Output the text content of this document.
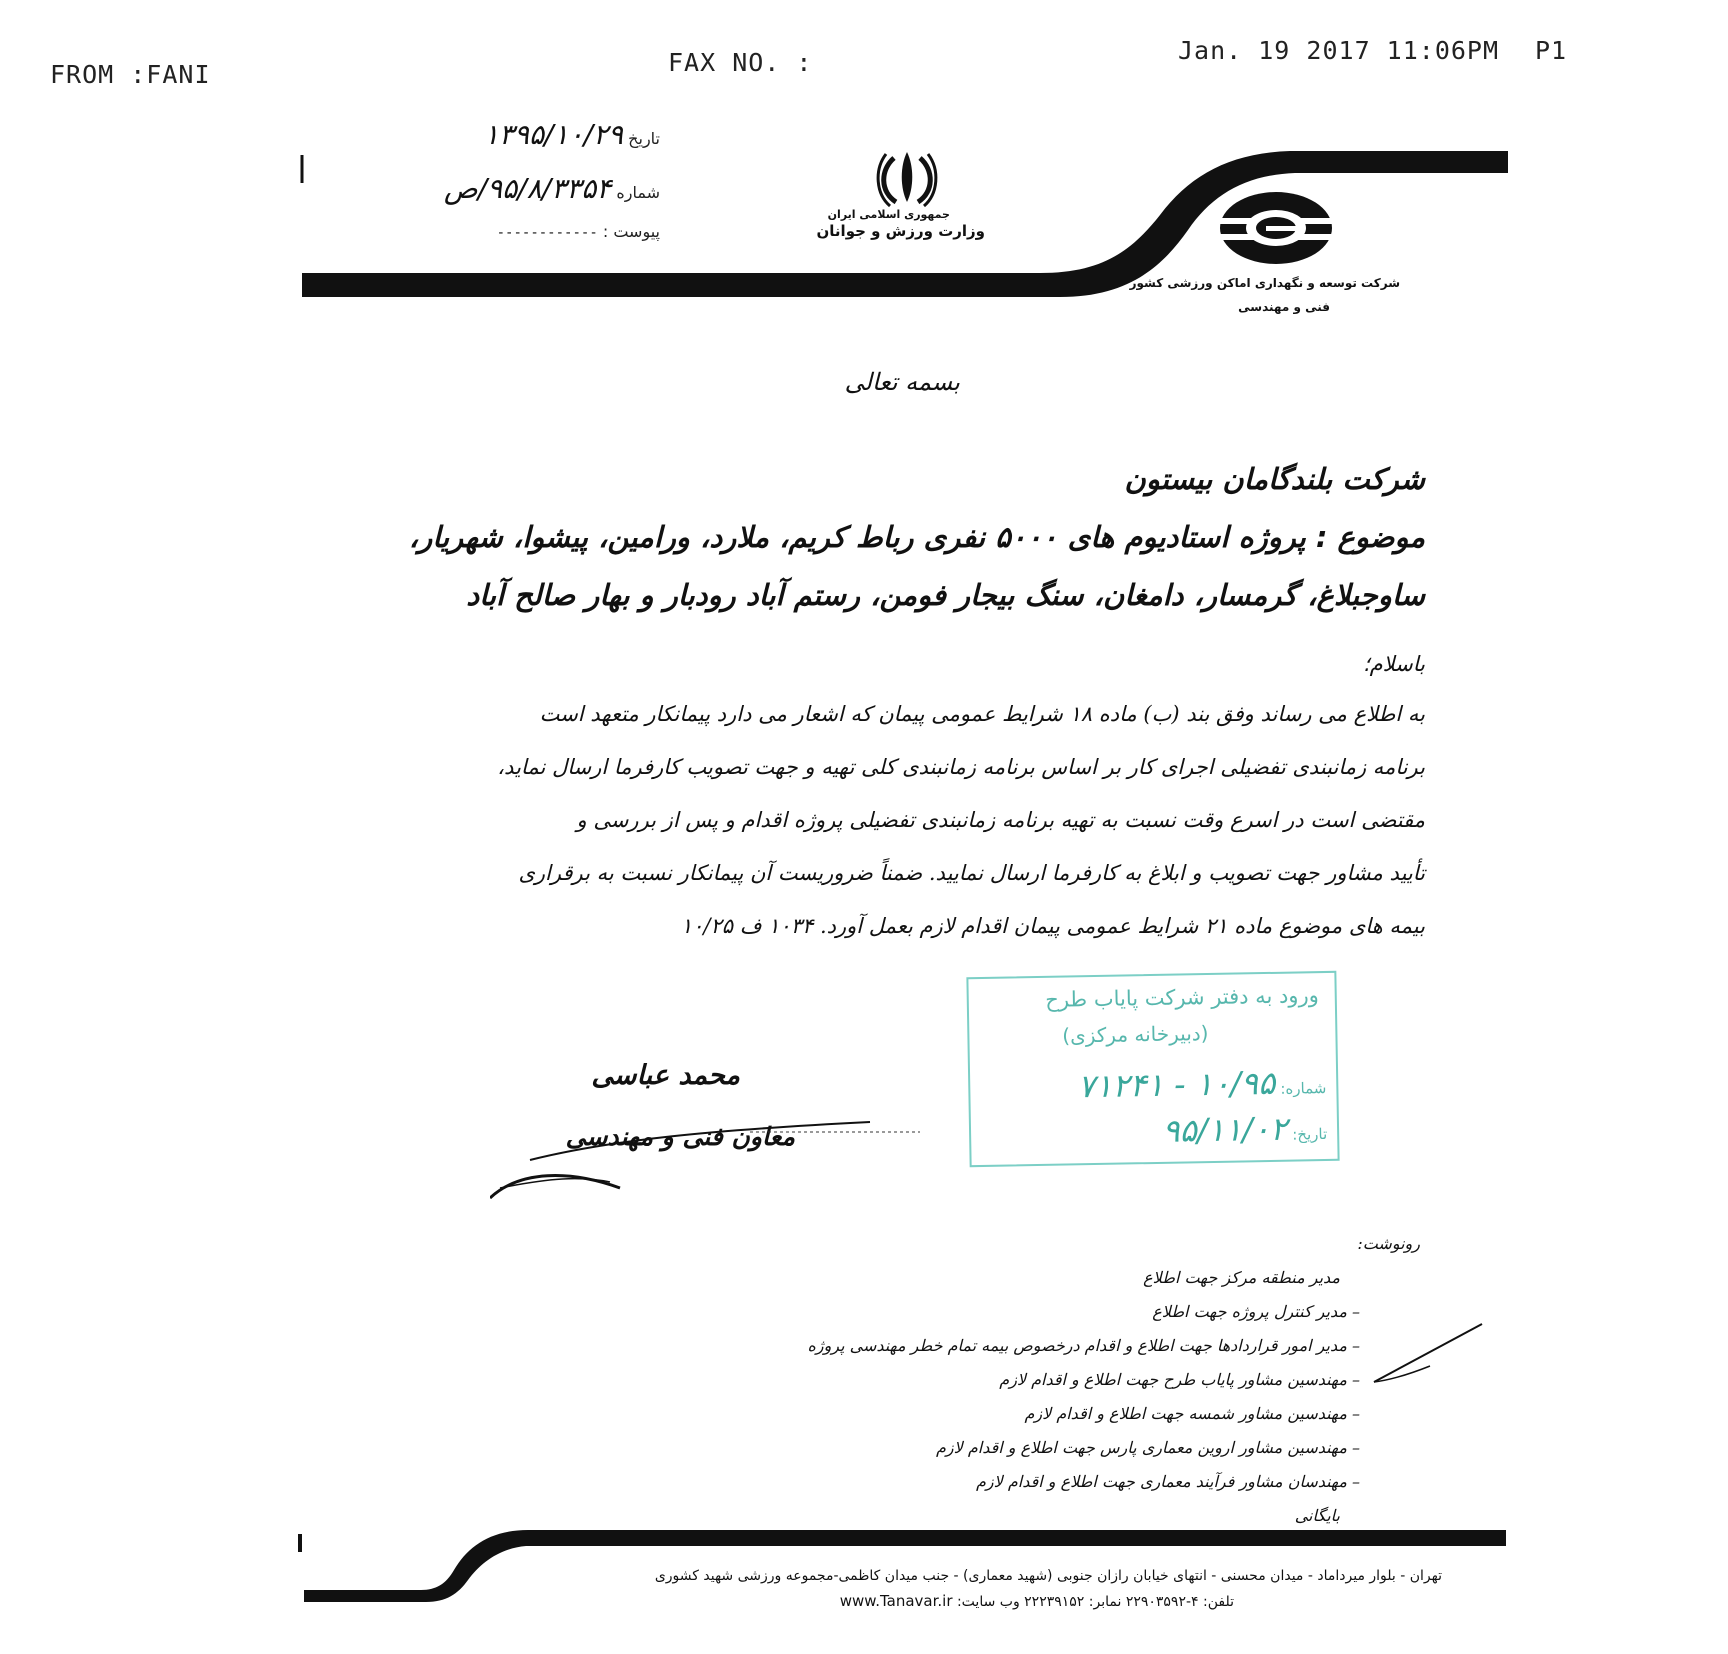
FROM :FANI	FAX NO. :	Jan. 19 2017 11:06PM P1
تاریخ ۱۳۹۵/۱۰/۲۹
شماره ۹۵/۸/۳۳۵۴/ص
پیوست : ------------
جمهوری اسلامی ایران
وزارت ورزش و جوانان
شرکت توسعه و نگهداری اماکن ورزشی کشور
فنی و مهندسی
بسمه تعالی
شرکت بلندگامان بیستون
موضوع : پروژه استادیوم های ۵۰۰۰ نفری رباط کریم، ملارد، ورامین، پیشوا، شهریار،
ساوجبلاغ، گرمسار، دامغان، سنگ بیجار فومن، رستم آباد رودبار و بهار صالح آباد
باسلام؛
به اطلاع می رساند وفق بند (ب) ماده ۱۸ شرایط عمومی پیمان که اشعار می دارد پیمانکار متعهد است
برنامه زمانبندی تفضیلی اجرای کار بر اساس برنامه زمانبندی کلی تهیه و جهت تصویب کارفرما ارسال نماید،
مقتضی است در اسرع وقت نسبت به تهیه برنامه زمانبندی تفضیلی پروژه اقدام و پس از بررسی و
تأیید مشاور جهت تصویب و ابلاغ به کارفرما ارسال نمایید. ضمناً ضروریست آن پیمانکار نسبت به برقراری
بیمه های موضوع ماده ۲۱ شرایط عمومی پیمان اقدام لازم بعمل آورد. ۱۰۳۴ ف ۱۰/۲۵
ورود به دفتر شرکت پایاب طرح
(دبیرخانه مرکزی)
شماره: ۱۰/۹۵ - ۷۱۲۴۱
تاریخ: ۹۵/۱۱/۰۲
محمد عباسی
معاون فنی و مهندسی
رونوشت:
مدیر منطقه مرکز جهت اطلاع
– مدیر کنترل پروژه جهت اطلاع
– مدیر امور قراردادها جهت اطلاع و اقدام درخصوص بیمه تمام خطر مهندسی پروژه
– مهندسین مشاور پایاب طرح جهت اطلاع و اقدام لازم
– مهندسین مشاور شمسه جهت اطلاع و اقدام لازم
– مهندسین مشاور اروین معماری پارس جهت اطلاع و اقدام لازم
– مهندسان مشاور فرآیند معماری جهت اطلاع و اقدام لازم
بایگانی
تهران - بلوار میرداماد - میدان محسنی - انتهای خیابان رازان جنوبی (شهید معماری) - جنب میدان کاظمی-مجموعه ورزشی شهید کشوری
تلفن: ۴-۲۲۹۰۳۵۹۲ نمابر: ۲۲۲۳۹۱۵۲ وب سایت: www.Tanavar.ir
